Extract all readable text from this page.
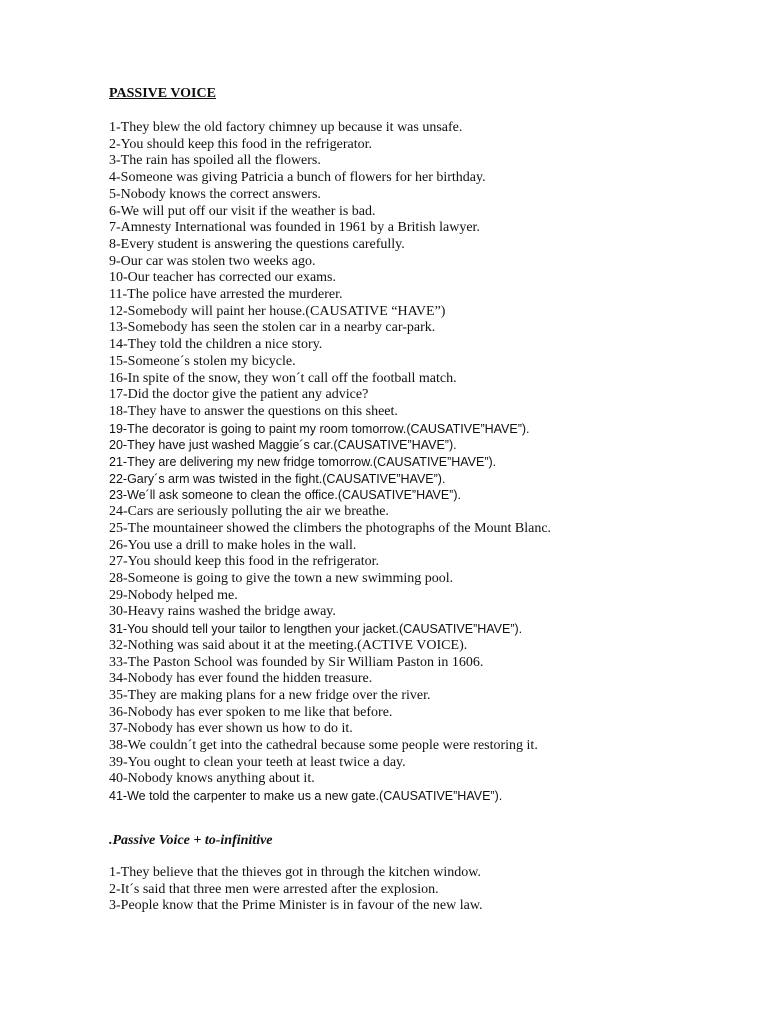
PASSIVE VOICE
1-They blew the old factory chimney up because it was unsafe.
2-You should keep this food in the refrigerator.
3-The rain has spoiled all the flowers.
4-Someone was giving Patricia a bunch of flowers for her birthday.
5-Nobody knows the correct answers.
6-We will put off our visit if the weather is bad.
7-Amnesty International was founded in 1961 by a British lawyer.
8-Every student is answering the questions carefully.
9-Our car was stolen two weeks ago.
10-Our teacher has corrected our exams.
11-The police have arrested the murderer.
12-Somebody will paint her house.(CAUSATIVE “HAVE”)
13-Somebody has seen the stolen car in a nearby car-park.
14-They told the children a nice story.
15-Someone´s stolen my bicycle.
16-In spite of the snow, they won´t call off the football match.
17-Did the doctor give the patient any advice?
18-They have to answer the questions on this sheet.
19-The decorator is going to paint my room tomorrow.(CAUSATIVE”HAVE”).
20-They have just washed Maggie´s car.(CAUSATIVE”HAVE”).
21-They are delivering my new fridge tomorrow.(CAUSATIVE”HAVE”).
22-Gary´s arm was twisted in the fight.(CAUSATIVE”HAVE”).
23-We´ll ask someone to clean the office.(CAUSATIVE”HAVE”).
24-Cars are seriously polluting the air we breathe.
25-The mountaineer showed the climbers the photographs of the Mount Blanc.
26-You use a drill to make holes in the wall.
27-You should keep this food in the refrigerator.
28-Someone is going to give the town a new swimming pool.
29-Nobody helped me.
30-Heavy rains washed the bridge away.
31-You should tell your tailor to lengthen your jacket.(CAUSATIVE”HAVE”).
32-Nothing was said about it at the meeting.(ACTIVE VOICE).
33-The Paston School was founded by Sir William Paston in 1606.
34-Nobody has ever found the hidden treasure.
35-They are making plans for a new fridge over the river.
36-Nobody has ever spoken to me like that before.
37-Nobody has ever shown us how to do it.
38-We couldn´t get into the cathedral because some people were restoring it.
39-You ought to clean your teeth at least twice a day.
40-Nobody knows anything about it.
41-We told the carpenter to make us a new gate.(CAUSATIVE”HAVE”).
.Passive Voice + to-infinitive
1-They believe that the thieves got in through the kitchen window.
2-It´s said that three men were arrested after the explosion.
3-People know that the Prime Minister is in favour of the new law.
